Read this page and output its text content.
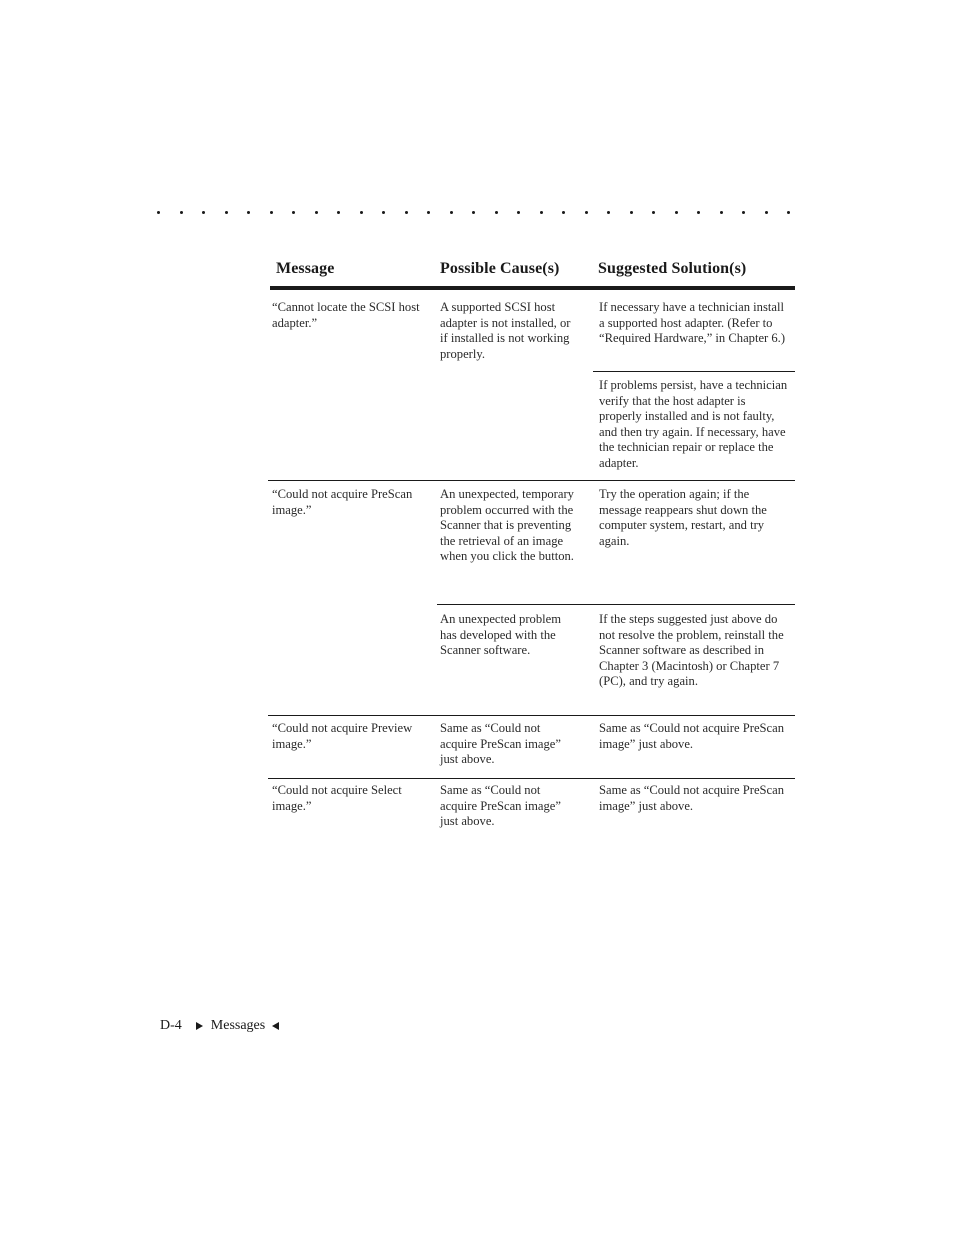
Message	Possible Cause(s) Suggested Solution(s)
“Cannot locate the SCSI host adapter.”
A supported SCSI host adapter is not installed, or if installed is not working properly.
If necessary have a technician install a supported host adapter. (Refer to “Required Hardware,” in Chapter 6.)
If problems persist, have a technician verify that the host adapter is properly installed and is not faulty, and then try again. If necessary, have the technician repair or replace the adapter.
“Could not acquire PreScan image.”
An unexpected, temporary problem occurred with the Scanner that is preventing the retrieval of an image when you click the button.
Try the operation again; if the message reappears shut down the computer system, restart, and try again.
An unexpected problem has developed with the Scanner software.
If the steps suggested just above do not resolve the problem, reinstall the Scanner software as described in Chapter 3 (Macintosh) or Chapter 7 (PC), and try again.
“Could not acquire Preview image.”
Same as “Could not acquire PreScan image” just above.
Same as “Could not acquire PreScan image” just above.
“Could not acquire Select image.”
Same as “Could not acquire PreScan image” just above.
Same as “Could not acquire PreScan image” just above.
D-4 Messages
